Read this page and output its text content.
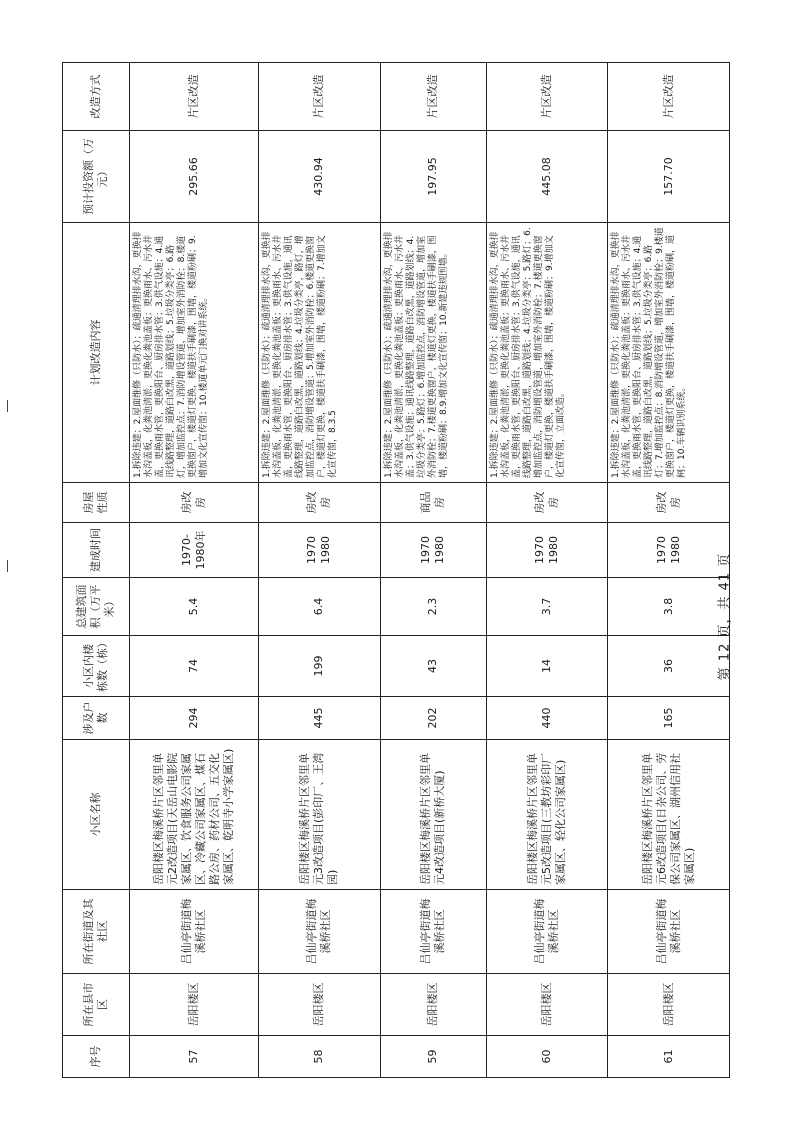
序号	所在县市区	所在街道及其社区	小区名称	涉及户数	小区内楼栋数（栋）	总建筑面积（万平米）	建成时间	房屋性质	计划改造内容	预计投资额（万元）	改造方式
57	岳阳楼区	吕仙亭街道梅溪桥社区	岳阳楼区梅溪桥片区邻里单元2改造项目(天岳山电影院家属区、饮食服务公司家属区、冷藏公司家属区、煤石路公房、药材公司、五交化家属区、乾明寺小学家属区)	294	74	5.4	1970-1980年	房改房	1.拆除违建；2.屋面维修（只防水）；疏通清理排水沟，更换排水沟盖板，化粪池清淤，更换化粪池盖板；更换雨水、污水井盖，更换雨水管，更换阳台、厨房排水管；3.供气设施；4.通讯线路整理，道路白改黑，道路划线；5.垃圾分类亭；6.路灯，增加监控点；7.消防增设管道，增加室外消防栓；8.楼道更换窗户，楼道灯更换，楼道扶手刷漆，围墙，楼道粉刷；9.增加文化宣传窗；10.楼道单元门换对讲系统。	295.66	片区改造
58	岳阳楼区	吕仙亭街道梅溪桥社区	岳阳楼区梅溪桥片区邻里单元3改造项目(彭印厂、王湾园)	445	199	6.4	1970 1980	房改房	1.拆除违建；2.屋面维修（只防水）；疏通清理排水沟，更换排水沟盖板，化粪池清淤，更换化粪池盖板；更换雨水、污水井盖，更换雨水管，更换阳台、厨房排水管；3.供气设施，通讯线路整理，道路白改黑，道路划线；4.垃圾分类亭，路灯，增加监控点，消防增设管道；5.增加室外消防栓；6.楼道更换窗户，楼道灯更换，楼道扶手刷漆，围墙，楼道粉刷；7.增加文化宣传窗，8.3.5	430.94	片区改造
59	岳阳楼区	吕仙亭街道梅溪桥社区	岳阳楼区梅溪桥片区邻里单元4改造项目(新桥大厦)	202	43	2.3	1970 1980	商品房	1.拆除违建；2.屋面维修（只防水）；疏通清理排水沟，更换排水沟盖板，化粪池清淤，更换化粪池盖板；更换雨水、污水井盖；3.供气设施；通讯线路整理，道路白改黑，道路划线；4.垃圾分类亭；5.路灯；6.增加监控点，消防增设管道，增加室外消防栓；7.楼道更换窗户，楼道灯更换，楼道扶手刷漆，围墙，楼道粉刷；8.9.增加文化宣传窗；10.新建违规围墙。	197.95	片区改造
60	岳阳楼区	吕仙亭街道梅溪桥社区	岳阳楼区梅溪桥片区邻里单元5改造项目(三教坊彩印厂家属区、轻化公司家属区)	440	14	3.7	1970 1980	房改房	1.拆除违建；2.屋面维修（只防水）；疏通清理排水沟，更换排水沟盖板，化粪池清淤，更换化粪池盖板；更换雨水、污水井盖，更换雨水管，更换阳台、厨房排水管；3.供气设施，通讯线路整理，道路白改黑，道路划线；4.垃圾分类亭；5.路灯；6.增加监控点，消防增设管道，增加室外消防栓；7.楼道更换窗户，楼道灯更换，楼道扶手刷漆，围墙，楼道粉刷；9.增加文化宣传窗，立面改造。	445.08	片区改造
61	岳阳楼区	吕仙亭街道梅溪桥社区	岳阳楼区梅溪桥片区邻里单元6改造项目(日杂公司、劳保公司家属区、湖州信用社家属区)	165	36	3.8	1970 1980	房改房	1.拆除违建；2.屋面维修（只防水）；疏通清理排水沟，更换排水沟盖板，化粪池清淤，更换化粪池盖板；更换雨水、污水井盖，更换雨水管，更换阳台、厨房排水管；3.供气设施；4.通讯线路整理，道路白改黑，道路划线；5.垃圾分类亭；6.路灯；7.增加监控点；8.消防增设管道，增加室外消防栓；9.楼道更换窗户，楼道灯更换，楼道扶手刷漆，围墙，楼道粉刷，道闸；10.车辆识别系统。	157.70	片区改造
第 12 页，共 41 页
